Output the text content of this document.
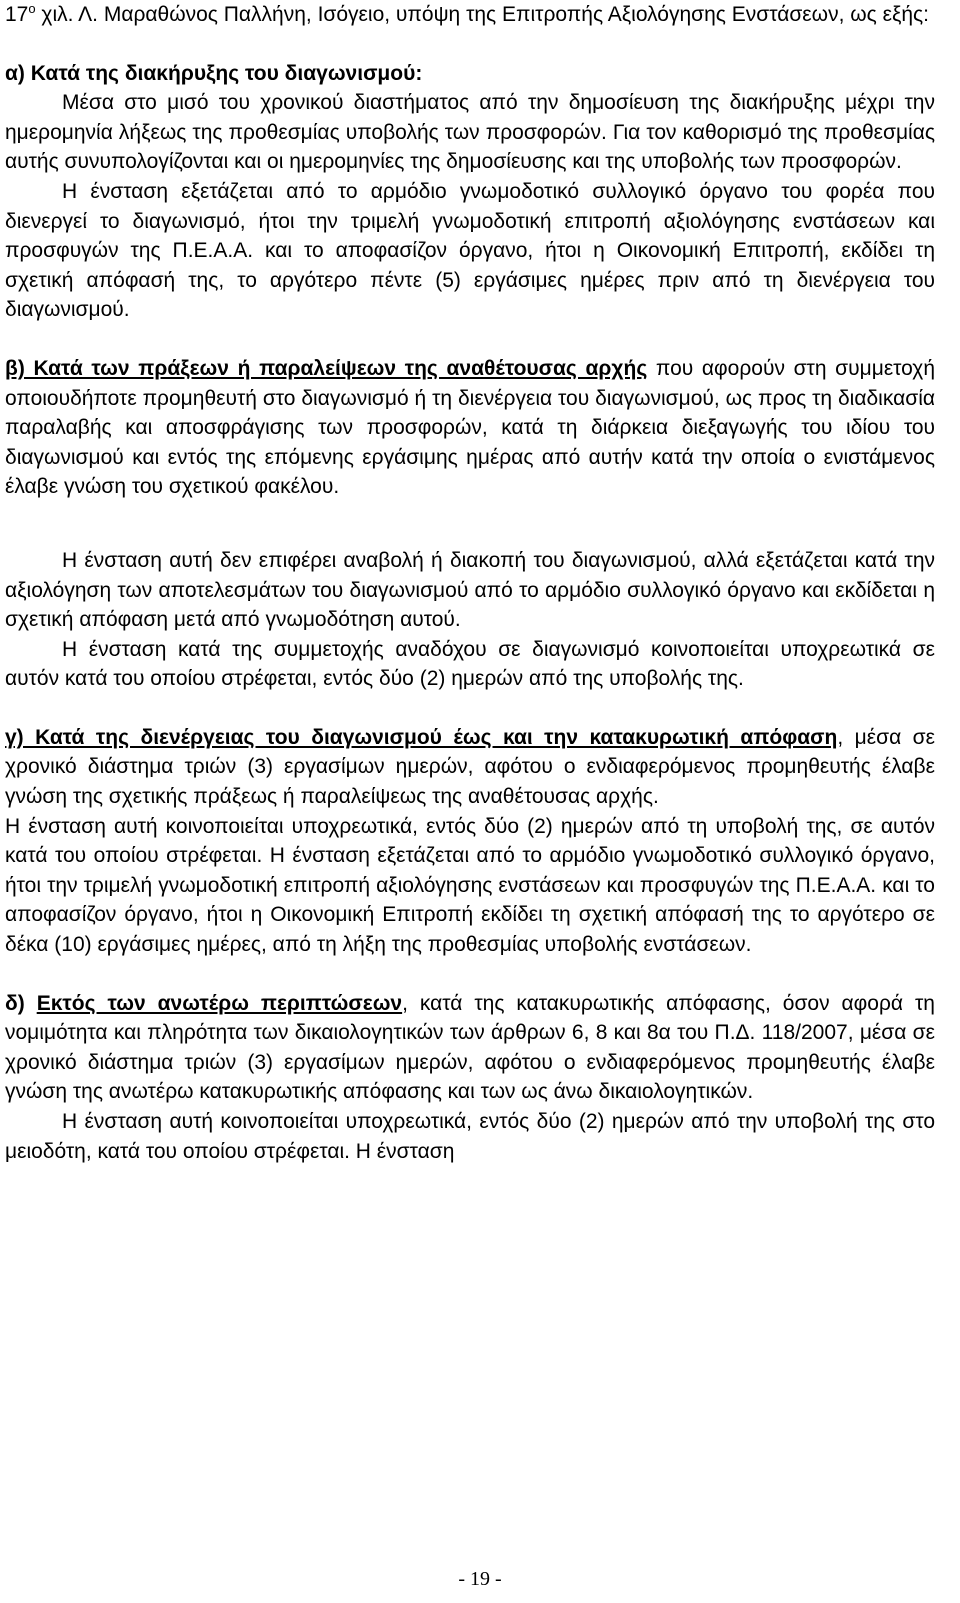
$17^o$ χιλ. Λ. Μαραθώνος Παλλήνη, Ισόγειο, υπόψη της Επιτροπής Αξιολόγησης Ενστάσεων, ως εξής:

α) Κατά της διακήρυξης του διαγωνισμού:

Μέσα στο μισό του χρονικού διαστήματος από την δημοσίευση της διακήρυξης μέχρι την ημερομηνία λήξεως της προθεσμίας υποβολής των προσφορών. Για τον καθορισμό της προθεσμίας αυτής συνυπολογίζονται και οι ημερομηνίες της δημοσίευσης και της υποβολής των προσφορών.

Η ένσταση εξετάζεται από το αρμόδιο γνωμοδοτικό συλλογικό όργανο του φορέα που διενεργεί το διαγωνισμό, ήτοι την τριμελή γνωμοδοτική επιτροπή αξιολόγησης ενστάσεων και προσφυγών της Π.Ε.Α.Α. και το αποφασίζον όργανο, ήτοι η Οικονομική Επιτροπή, εκδίδει τη σχετική απόφασή της, το αργότερο πέντε (5) εργάσιμες ημέρες πριν από τη διενέργεια του διαγωνισμού.

β) Κατά των πράξεων ή παραλείψεων της αναθέτουσας αρχής που αφορούν στη συμμετοχή οποιουδήποτε προμηθευτή στο διαγωνισμό ή τη διενέργεια του διαγωνισμού, ως προς τη διαδικασία παραλαβής και αποσφράγισης των προσφορών, κατά τη διάρκεια διεξαγωγής του ιδίου του διαγωνισμού και εντός της επόμενης εργάσιμης ημέρας από αυτήν κατά την οποία ο ενιστάμενος έλαβε γνώση του σχετικού φακέλου.

Η ένσταση αυτή δεν επιφέρει αναβολή ή διακοπή του διαγωνισμού, αλλά εξετάζεται κατά την αξιολόγηση των αποτελεσμάτων του διαγωνισμού από το αρμόδιο συλλογικό όργανο και εκδίδεται η σχετική απόφαση μετά από γνωμοδότηση αυτού.

Η ένσταση κατά της συμμετοχής αναδόχου σε διαγωνισμό κοινοποιείται υποχρεωτικά σε αυτόν κατά του οποίου στρέφεται, εντός δύο (2) ημερών από της υποβολής της.

γ) Κατά της διενέργειας του διαγωνισμού έως και την κατακυρωτική απόφαση, μέσα σε χρονικό διάστημα τριών (3) εργασίμων ημερών, αφότου ο ενδιαφερόμενος προμηθευτής έλαβε γνώση της σχετικής πράξεως ή παραλείψεως της αναθέτουσας αρχής.

Η ένσταση αυτή κοινοποιείται υποχρεωτικά, εντός δύο (2) ημερών από τη υποβολή της, σε αυτόν κατά του οποίου στρέφεται. Η ένσταση εξετάζεται από το αρμόδιο γνωμοδοτικό συλλογικό όργανο, ήτοι την τριμελή γνωμοδοτική επιτροπή αξιολόγησης ενστάσεων και προσφυγών της Π.Ε.Α.Α. και το αποφασίζον όργανο, ήτοι η Οικονομική Επιτροπή εκδίδει τη σχετική απόφασή της το αργότερο σε δέκα (10) εργάσιμες ημέρες, από τη λήξη της προθεσμίας υποβολής ενστάσεων.

δ) Εκτός των ανωτέρω περιπτώσεων, κατά της κατακυρωτικής απόφασης, όσον αφορά τη νομιμότητα και πληρότητα των δικαιολογητικών των άρθρων 6, 8 και 8α του Π.Δ. 118/2007, μέσα σε χρονικό διάστημα τριών (3) εργασίμων ημερών, αφότου ο ενδιαφερόμενος προμηθευτής έλαβε γνώση της ανωτέρω κατακυρωτικής απόφασης και των ως άνω δικαιολογητικών.

Η ένσταση αυτή κοινοποιείται υποχρεωτικά, εντός δύο (2) ημερών από την υποβολή της στο μειοδότη, κατά του οποίου στρέφεται. Η ένσταση

- 19 -
